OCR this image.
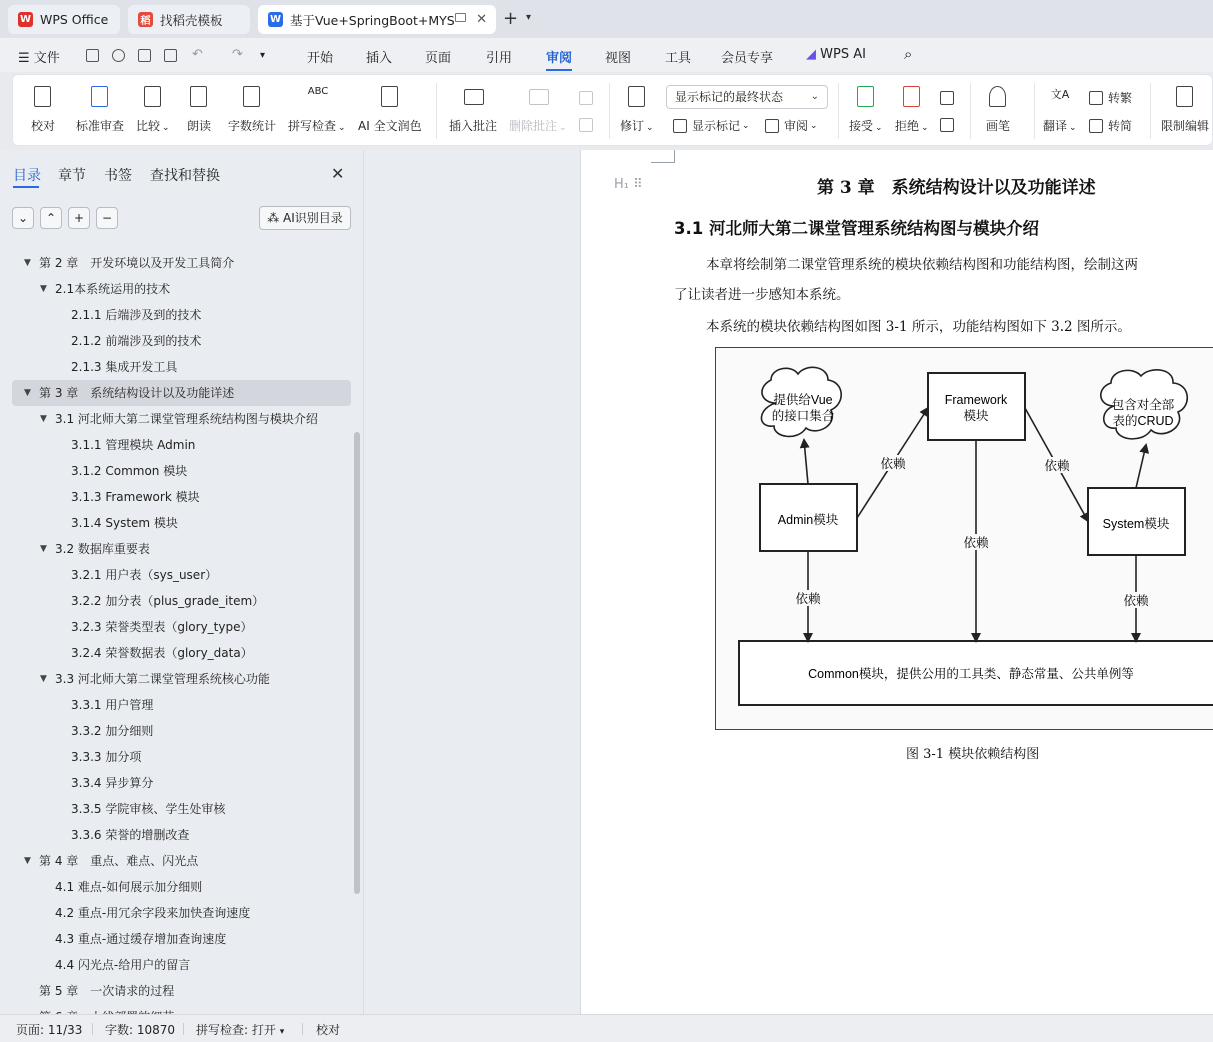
W WPS Office	稻 找稻壳模板	W 基于Vue+SpringBoot+MYS ✕ + ▾
☰ 文件	↶ ↷ ▾	开始	插入	页面	引用	审阅	视图	工具 会员专享	◢ WPS AI	⌕
校对 标准审查 比较 ⌄ 朗读 字数统计
ABC
拼写检查 ⌄ AI 全文润色 插入批注 删除批注 ⌄	修订 ⌄
显示标记的最终状态	⌄
显示标记 ⌄	审阅 ⌄	接受 ⌄ 拒绝 ⌄	画笔
文A
翻译 ⌄
转繁
转简 限制编辑
目录 章节 书签 查找和替换	✕
⌄	⌃	+	−	⁂ AI识别目录
▼ 第 2 章　开发环境以及开发工具简介
▼ 2.1本系统运用的技术
2.1.1 后端涉及到的技术
2.1.2 前端涉及到的技术
2.1.3 集成开发工具
▼ 第 3 章　系统结构设计以及功能详述
▼ 3.1 河北师大第二课堂管理系统结构图与模块介绍
3.1.1 管理模块 Admin
3.1.2 Common 模块
3.1.3 Framework 模块
3.1.4 System 模块
▼ 3.2 数据库重要表
3.2.1 用户表（sys_user）
3.2.2 加分表（plus_grade_item）
3.2.3 荣誉类型表（glory_type）
3.2.4 荣誉数据表（glory_data）
▼ 3.3 河北师大第二课堂管理系统核心功能
3.3.1 用户管理
3.3.2 加分细则
3.3.3 加分项
3.3.4 异步算分
3.3.5 学院审核、学生处审核
3.3.6 荣誉的增删改查
▼ 第 4 章　重点、难点、闪光点
4.1 难点-如何展示加分细则
4.2 重点-用冗余字段来加快查询速度
4.3 重点-通过缓存增加查询速度
4.4 闪光点-给用户的留言
第 5 章　一次请求的过程
H₁ ⠿	第 3 章　系统结构设计以及功能详述
3.1 河北师大第二课堂管理系统结构图与模块介绍
本章将绘制第二课堂管理系统的模块依赖结构图和功能结构图，绘制这两
了让读者进一步感知本系统。
本系统的模块依赖结构图如图 3-1 所示，功能结构图如下 3.2 图所示。
提供给Vue
的接口集合
Framework
模块
包含对全部
表的CRUD
Admin模块	System模块
Common模块，提供公用的工具类、静态常量、公共单例等
依赖	依赖
依赖
依赖	依赖
图 3-1 模块依赖结构图
页面: 11/33 字数: 10870 拼写检查: 打开 ▾	校对
